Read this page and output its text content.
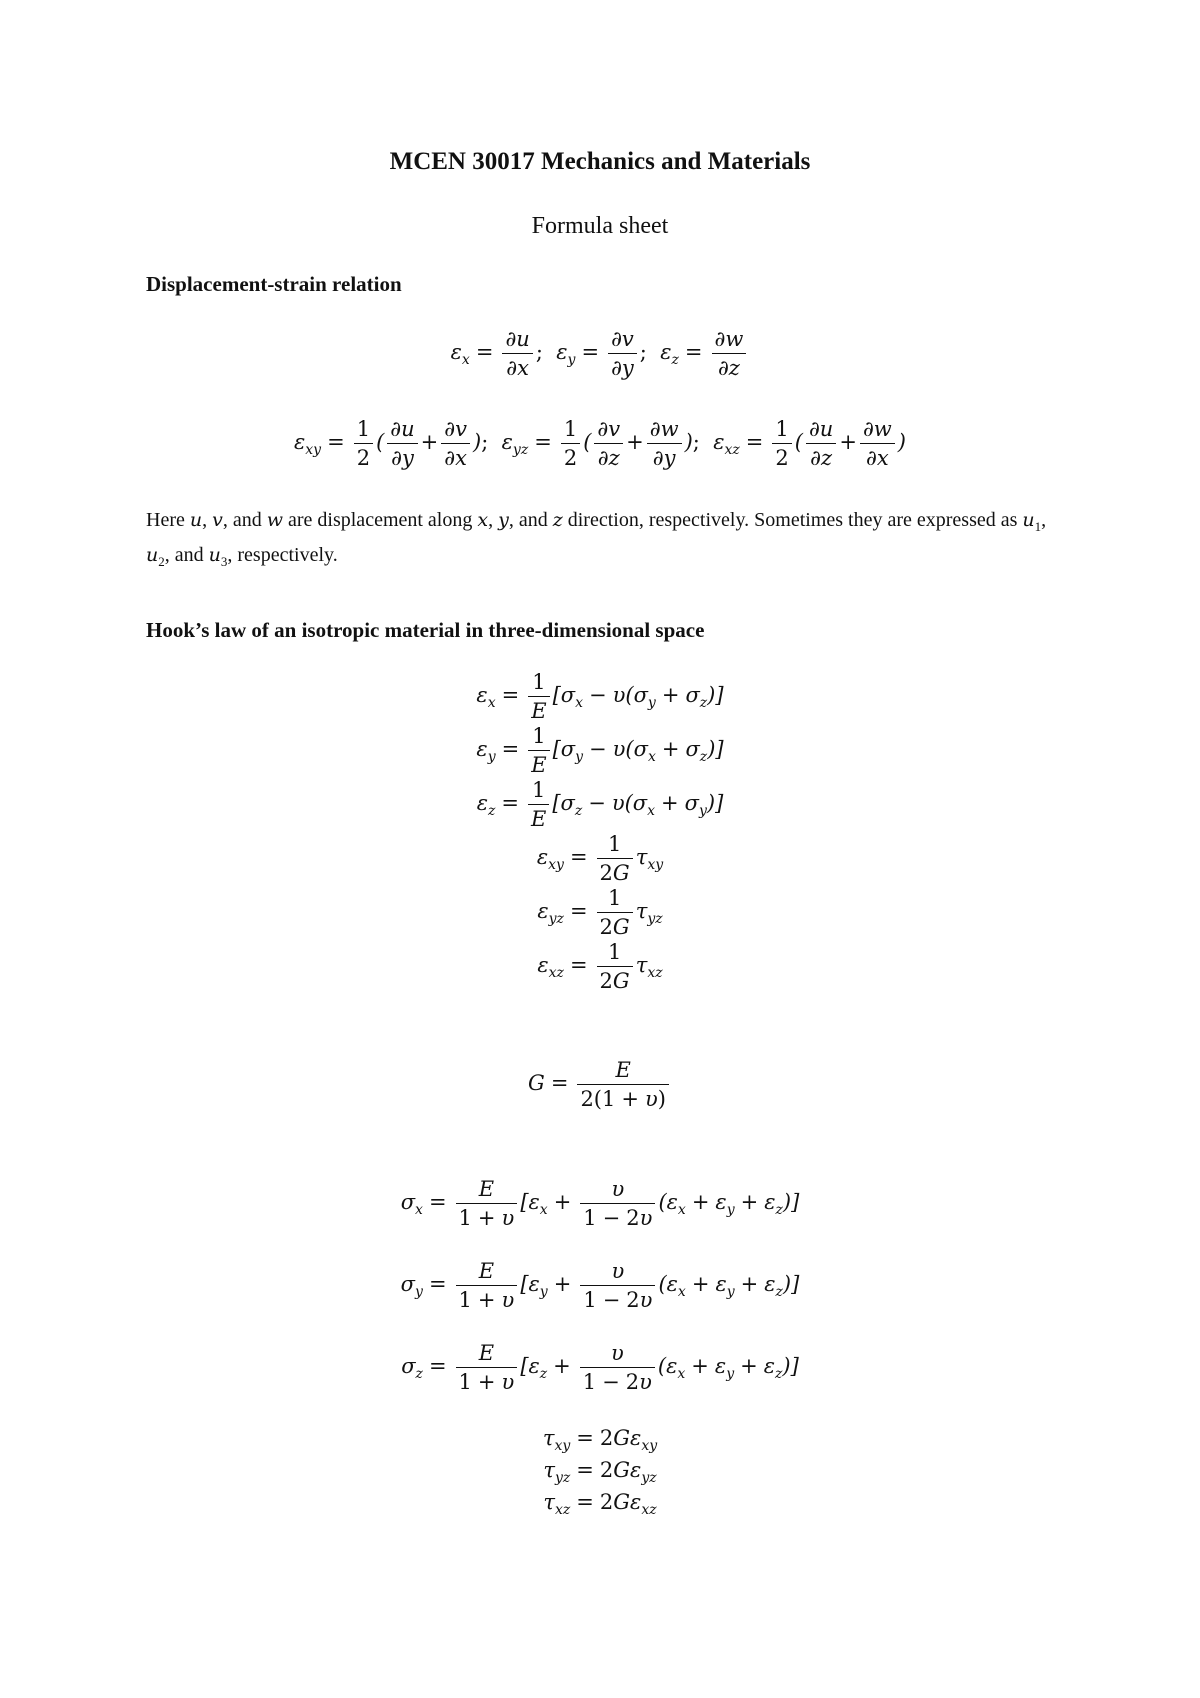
MCEN 30017 Mechanics and Materials
Formula sheet
Displacement-strain relation
$\varepsilon_x = \frac{\partial u}{\partial x}$ ;  $\varepsilon_y = \frac{\partial v}{\partial y}$ ;  $\varepsilon_z = \frac{\partial w}{\partial z}$
$\varepsilon_{xy} = \frac{1}{2}$ ( $\frac{\partial u}{\partial y} + \frac{\partial v}{\partial x}$ );  $\varepsilon_{yz} = \frac{1}{2}$ ( $\frac{\partial v}{\partial z} + \frac{\partial w}{\partial y}$ );  $\varepsilon_{xz} = \frac{1}{2}$ ( $\frac{\partial u}{\partial z} + \frac{\partial w}{\partial x}$ )
Here u, v, and w are displacement along x, y, and z direction, respectively. Sometimes they are expressed as $u_1$, $u_2$, and $u_3$, respectively.
Hook’s law of an isotropic material in three-dimensional space
$\varepsilon_x = \frac{1}{E} [\sigma_x - \upsilon(\sigma_y + \sigma_z)]$
$\varepsilon_y = \frac{1}{E} [\sigma_y - \upsilon(\sigma_x + \sigma_z)]$
$\varepsilon_z = \frac{1}{E} [\sigma_z - \upsilon(\sigma_x + \sigma_y)]$
$\varepsilon_{xy} = \frac{1}{2G} \tau_{xy}$
$\varepsilon_{yz} = \frac{1}{2G} \tau_{yz}$
$\varepsilon_{xz} = \frac{1}{2G} \tau_{xz}$
$G = \frac{E}{2(1 + \upsilon)}$
$\sigma_x = \frac{E}{1 + \upsilon} [\varepsilon_x + \frac{\upsilon}{1 - 2\upsilon} (\varepsilon_x + \varepsilon_y + \varepsilon_z)]$
$\sigma_y = \frac{E}{1 + \upsilon} [\varepsilon_y + \frac{\upsilon}{1 - 2\upsilon} (\varepsilon_x + \varepsilon_y + \varepsilon_z)]$
$\sigma_z = \frac{E}{1 + \upsilon} [\varepsilon_z + \frac{\upsilon}{1 - 2\upsilon} (\varepsilon_x + \varepsilon_y + \varepsilon_z)]$
$\tau_{xy} = 2G\varepsilon_{xy}$
$\tau_{yz} = 2G\varepsilon_{yz}$
$\tau_{xz} = 2G\varepsilon_{xz}$
